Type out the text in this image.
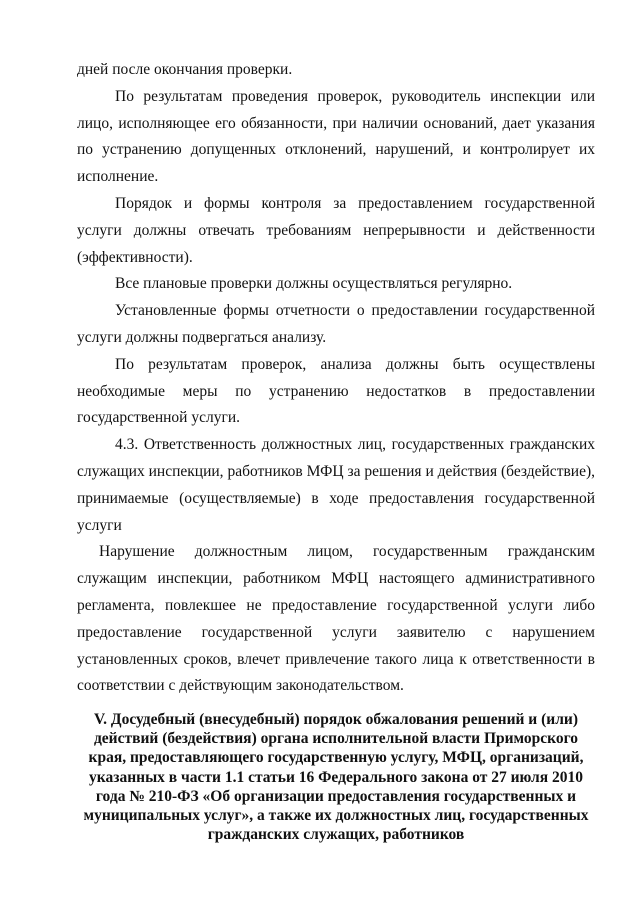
дней после окончания проверки.

По результатам проведения проверок, руководитель инспекции или лицо, исполняющее его обязанности, при наличии оснований, дает указания по устранению допущенных отклонений, нарушений, и контролирует их исполнение.

Порядок и формы контроля за предоставлением государственной услуги должны отвечать требованиям непрерывности и действенности (эффективности).

Все плановые проверки должны осуществляться регулярно.

Установленные формы отчетности о предоставлении государственной услуги должны подвергаться анализу.

По результатам проверок, анализа должны быть осуществлены необходимые меры по устранению недостатков в предоставлении государственной услуги.

4.3. Ответственность должностных лиц, государственных гражданских служащих инспекции, работников МФЦ за решения и действия (бездействие), принимаемые (осуществляемые) в ходе предоставления государственной услуги

Нарушение должностным лицом, государственным гражданским служащим инспекции, работником МФЦ настоящего административного регламента, повлекшее не предоставление государственной услуги либо предоставление государственной услуги заявителю с нарушением установленных сроков, влечет привлечение такого лица к ответственности в соответствии с действующим законодательством.

V. Досудебный (внесудебный) порядок обжалования решений и (или) действий (бездействия) органа исполнительной власти Приморского края, предоставляющего государственную услугу, МФЦ, организаций, указанных в части 1.1 статьи 16 Федерального закона от 27 июля 2010 года № 210-ФЗ «Об организации предоставления государственных и муниципальных услуг», а также их должностных лиц, государственных гражданских служащих, работников
